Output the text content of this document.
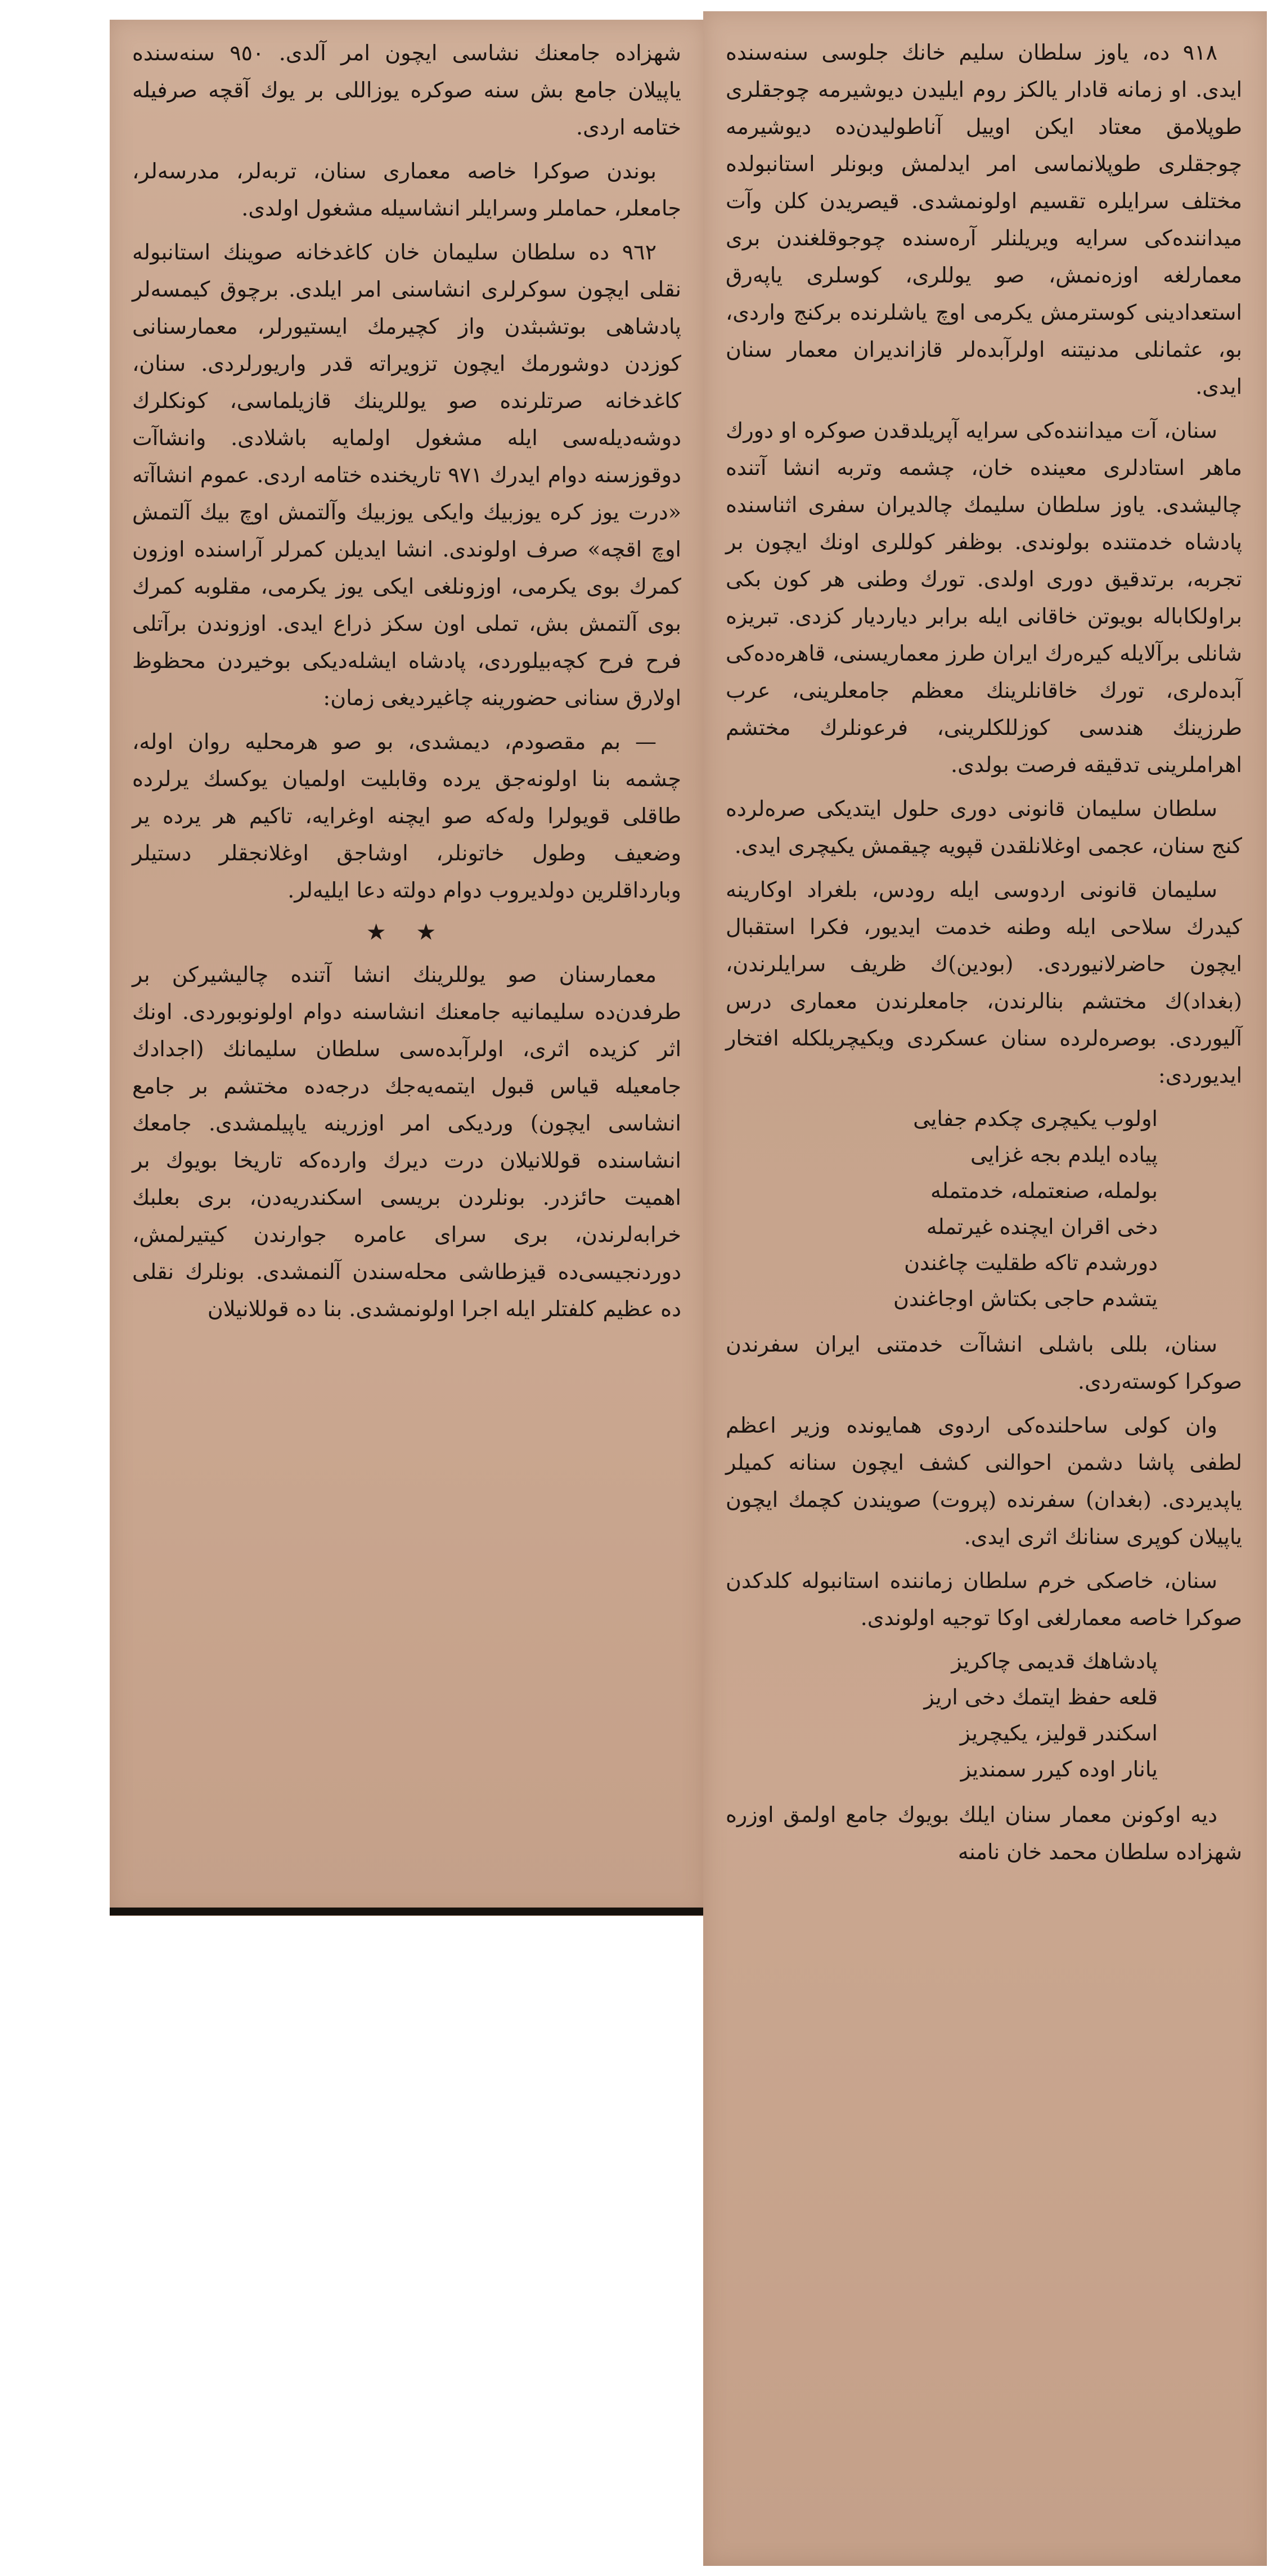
شهزاده جامعنك نشاسی ایچون امر آلدی. ٩٥٠ سنه‌سنده یاپیلان جامع بش سنه صوكره یوزاللی بر یوك آقچه صرفیله ختامه اردی.

بوندن صوكرا خاصه معماری سنان، تربه‌لر، مدرسه‌لر، جامعلر، حماملر وسرایلر انشاسیله مشغول اولدی.

٩٦٢ ده سلطان سلیمان خان کاغدخانه صوینك استانبوله نقلی ایچون سوكرلری انشاسنی امر ایلدی. برچوق کیمسه‌لر پادشاهی بوتشبثدن واز کچیرمك ایستیورلر، معمارسنانی کوزدن دوشورمك ایچون تزویراته قدر واریورلردی. سنان، كاغدخانه صرتلرنده صو یوللرینك قازیلماسی، کونکلرك دوشه‌دیله‌سی ایله مشغول اولمایه باشلادی. وانشاآت دوقوزسنه دوام ایدرك ٩٧١ تاریخنده ختامه اردی. عموم انشاآته «درت یوز کره یوزبیك وایکی یوزبیك وآلتمش اوچ بیك آلتمش اوچ اقچه» صرف اولوندی. انشا ایدیلن کمرلر آراسنده اوزون کمرك بوی یکرمی، اوزونلغی ایکی یوز یکرمی، مقلوبه کمرك بوی آلتمش بش، تملی اون سکز ذراع ایدی. اوزوندن برآتلی فرح فرح کچه‌بیلوردی، پادشاه ایشله‌دیکی بوخیردن محظوظ اولارق سنانی حضورینه چاغیردیغی زمان:

— بم مقصودم، دیمشدی، بو صو هرمحلیه روان اوله، چشمه بنا اولونه‌جق یرده وقابلیت اولمیان یوکسك یرلرده طاقلی قویولرا وله‌که صو ایچنه اوغرایه، تاکیم هر یرده یر وضعیف وطول خاتونلر، اوشاجق اوغلانجقلر دستیلر وبارداقلرین دولدیروب دوام دولته دعا ایلیه‌لر.

★ ★

معمارسنان صو یوللرینك انشا آتنده چالیشیركن بر طرفدن‌ده سلیمانیه جامعنك انشاسنه دوام اولونوبوردی. اونك اثر كزیده اثری، اولرآبده‌سی سلطان سلیمانك (اجدادك جامعیله قیاس قبول ایتمه‌یه‌جك درجه‌ده مختشم بر جامع انشاسی ایچون) وردیكی امر اوزرینه یاپیلمشدی. جامعك انشاسنده قوللانیلان درت دیرك وارده‌که تاریخا بویوك بر اهمیت حائزدر. بونلردن بریسی اسكندریه‌دن، بری بعلبك خرابه‌لرندن، بری سرای عامره جوارندن کیتیرلمش، دوردنجیسی‌ده قیزطاشی محله‌سندن آلنمشدی. بونلرك نقلی ده عظیم کلفتلر ایله اجرا اولونمشدی. بنا ده قوللانیلان

٩١٨ ده، یاوز سلطان سلیم خانك جلوسی سنه‌سنده ایدی. او زمانه قادار یالکز روم ایلیدن دیوشیرمه چوجقلری طوپلامق معتاد ایكن اوییل آناطولیدن‌ده دیوشیرمه چوجقلری طوپلانماسی امر ایدلمش وبونلر استانبولده مختلف سرایلره تقسیم اولونمشدی. قیصریدن کلن وآت میداننده‌کی سرایه ویریلنلر آره‌سنده چوجوقلغندن بری معمارلغه اوزه‌نمش، صو یوللری، کوسلری یاپه‌رق استعدادینی کوسترمش یکرمی اوچ یاشلرنده برکنج واردی، بو، عثمانلی مدنیتنه اولرآبده‌لر قازاندیران معمار سنان ایدی.

سنان، آت میداننده‌کی سرایه آپریلدقدن صوكره او دورك ماهر استادلری معینده خان، چشمه وتربه انشا آتنده چالیشدی. یاوز سلطان سلیمك چالدیران سفری اثناسنده پادشاه خدمتنده بولوندی. بوظفر کوللری اونك ایچون بر تجربه، برتدقیق دوری اولدی. تورك وطنی هر کون بکی براولکاباله بویوتن خاقانی ایله برابر دیاردیار کزدی. تبریزه شانلی برآلایله کیره‌رك ایران طرز معماریسنی، قاهره‌ده‌کی آبده‌لری، تورك خاقانلرینك معظم جامعلرینی، عرب طرزینك هندسی کوزللكلرینی، فرعونلرك مختشم اهراملرینی تدقیقه فرصت بولدی.

سلطان سلیمان قانونی دوری حلول ایتدیکی صره‌لرده کنج سنان، عجمی اوغلانلقدن قپویه چیقمش یکیچری ایدی.

سلیمان قانونی اردوسی ایله رودس، بلغراد اوكارینه کیدرك سلاحی ایله وطنه خدمت ایدیور، فكرا استقبال ایچون حاضرلانیوردی. (بودین)ك ظریف سرایلرندن، (بغداد)ك مختشم بنالرندن، جامعلرندن معماری درس آلیوردی. بوصره‌لرده سنان عسكردی ویکیچریلکله افتخار ایدیوردی:

اولوب یکیچری چکدم جفایی

پیاده ایلدم بجه غزایی

بولمله، صنعتمله، خدمتمله

دخی اقران ایچنده غیرتمله

دورشدم تاکه طقلیت چاغندن

یتشدم حاجی بكتاش اوجاغندن

سنان، بللی باشلی انشاآت خدمتنی ایران سفرندن صوكرا کوسته‌ردی.

وان کولی ساحلنده‌کی اردوی همایونده وزیر اعظم لطفی پاشا دشمن احوالنی کشف ایچون سنانه کمیلر یاپدیردی. (بغدان) سفرنده (پروت) صویندن کچمك ایچون یاپیلان کوپری سنانك اثری ایدی.

سنان، خاصكی خرم سلطان زماننده استانبوله كلدكدن صوكرا خاصه معمارلغی اوکا توجیه اولوندی.

پادشاهك قدیمی چاکریز

قلعه حفظ ایتمك دخی اریز

اسکندر قولیز، یکیچریز

یانار اوده کیرر سمندیز

دیه اوکونن معمار سنان ایلك بویوك جامع اولمق اوزره شهزاده سلطان محمد خان نامنه
